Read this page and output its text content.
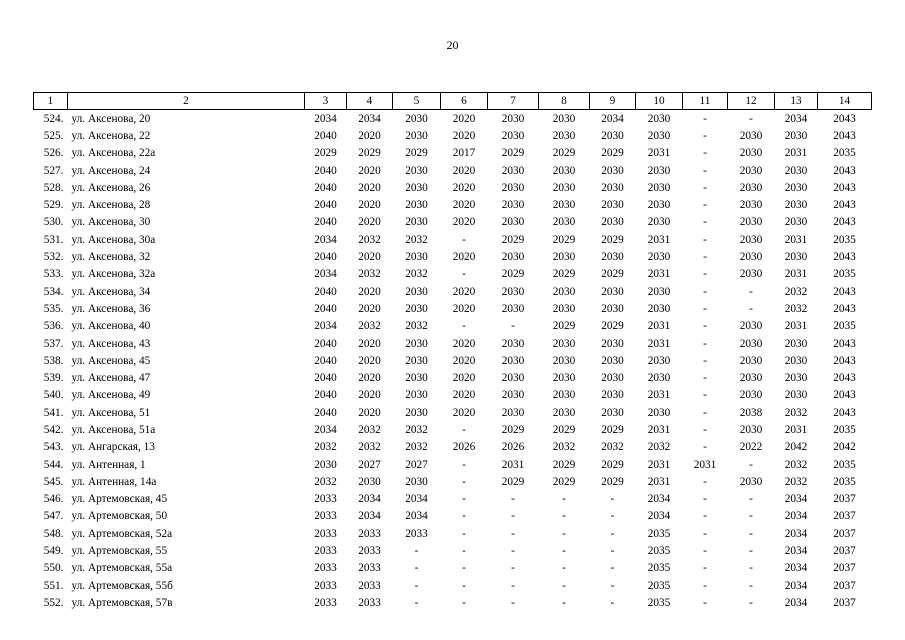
20
1	2	3	4	5	6	7	8	9	10	11	12	13	14
524.	ул. Аксенова, 20	2034	2034	2030	2020	2030	2030	2034	2030	-	-	2034	2043
525.	ул. Аксенова, 22	2040	2020	2030	2020	2030	2030	2030	2030	-	2030	2030	2043
526.	ул. Аксенова, 22а	2029	2029	2029	2017	2029	2029	2029	2031	-	2030	2031	2035
527.	ул. Аксенова, 24	2040	2020	2030	2020	2030	2030	2030	2030	-	2030	2030	2043
528.	ул. Аксенова, 26	2040	2020	2030	2020	2030	2030	2030	2030	-	2030	2030	2043
529.	ул. Аксенова, 28	2040	2020	2030	2020	2030	2030	2030	2030	-	2030	2030	2043
530.	ул. Аксенова, 30	2040	2020	2030	2020	2030	2030	2030	2030	-	2030	2030	2043
531.	ул. Аксенова, 30а	2034	2032	2032	-	2029	2029	2029	2031	-	2030	2031	2035
532.	ул. Аксенова, 32	2040	2020	2030	2020	2030	2030	2030	2030	-	2030	2030	2043
533.	ул. Аксенова, 32а	2034	2032	2032	-	2029	2029	2029	2031	-	2030	2031	2035
534.	ул. Аксенова, 34	2040	2020	2030	2020	2030	2030	2030	2030	-	-	2032	2043
535.	ул. Аксенова, 36	2040	2020	2030	2020	2030	2030	2030	2030	-	-	2032	2043
536.	ул. Аксенова, 40	2034	2032	2032	-	-	2029	2029	2031	-	2030	2031	2035
537.	ул. Аксенова, 43	2040	2020	2030	2020	2030	2030	2030	2031	-	2030	2030	2043
538.	ул. Аксенова, 45	2040	2020	2030	2020	2030	2030	2030	2030	-	2030	2030	2043
539.	ул. Аксенова, 47	2040	2020	2030	2020	2030	2030	2030	2030	-	2030	2030	2043
540.	ул. Аксенова, 49	2040	2020	2030	2020	2030	2030	2030	2031	-	2030	2030	2043
541.	ул. Аксенова, 51	2040	2020	2030	2020	2030	2030	2030	2030	-	2038	2032	2043
542.	ул. Аксенова, 51а	2034	2032	2032	-	2029	2029	2029	2031	-	2030	2031	2035
543.	ул. Ангарская, 13	2032	2032	2032	2026	2026	2032	2032	2032	-	2022	2042	2042
544.	ул. Антенная, 1	2030	2027	2027	-	2031	2029	2029	2031	2031	-	2032	2035
545.	ул. Антенная, 14а	2032	2030	2030	-	2029	2029	2029	2031	-	2030	2032	2035
546.	ул. Артемовская, 45	2033	2034	2034	-	-	-	-	2034	-	-	2034	2037
547.	ул. Артемовская, 50	2033	2034	2034	-	-	-	-	2034	-	-	2034	2037
548.	ул. Артемовская, 52а	2033	2033	2033	-	-	-	-	2035	-	-	2034	2037
549.	ул. Артемовская, 55	2033	2033	-	-	-	-	-	2035	-	-	2034	2037
550.	ул. Артемовская, 55а	2033	2033	-	-	-	-	-	2035	-	-	2034	2037
551.	ул. Артемовская, 55б	2033	2033	-	-	-	-	-	2035	-	-	2034	2037
552.	ул. Артемовская, 57в	2033	2033	-	-	-	-	-	2035	-	-	2034	2037
